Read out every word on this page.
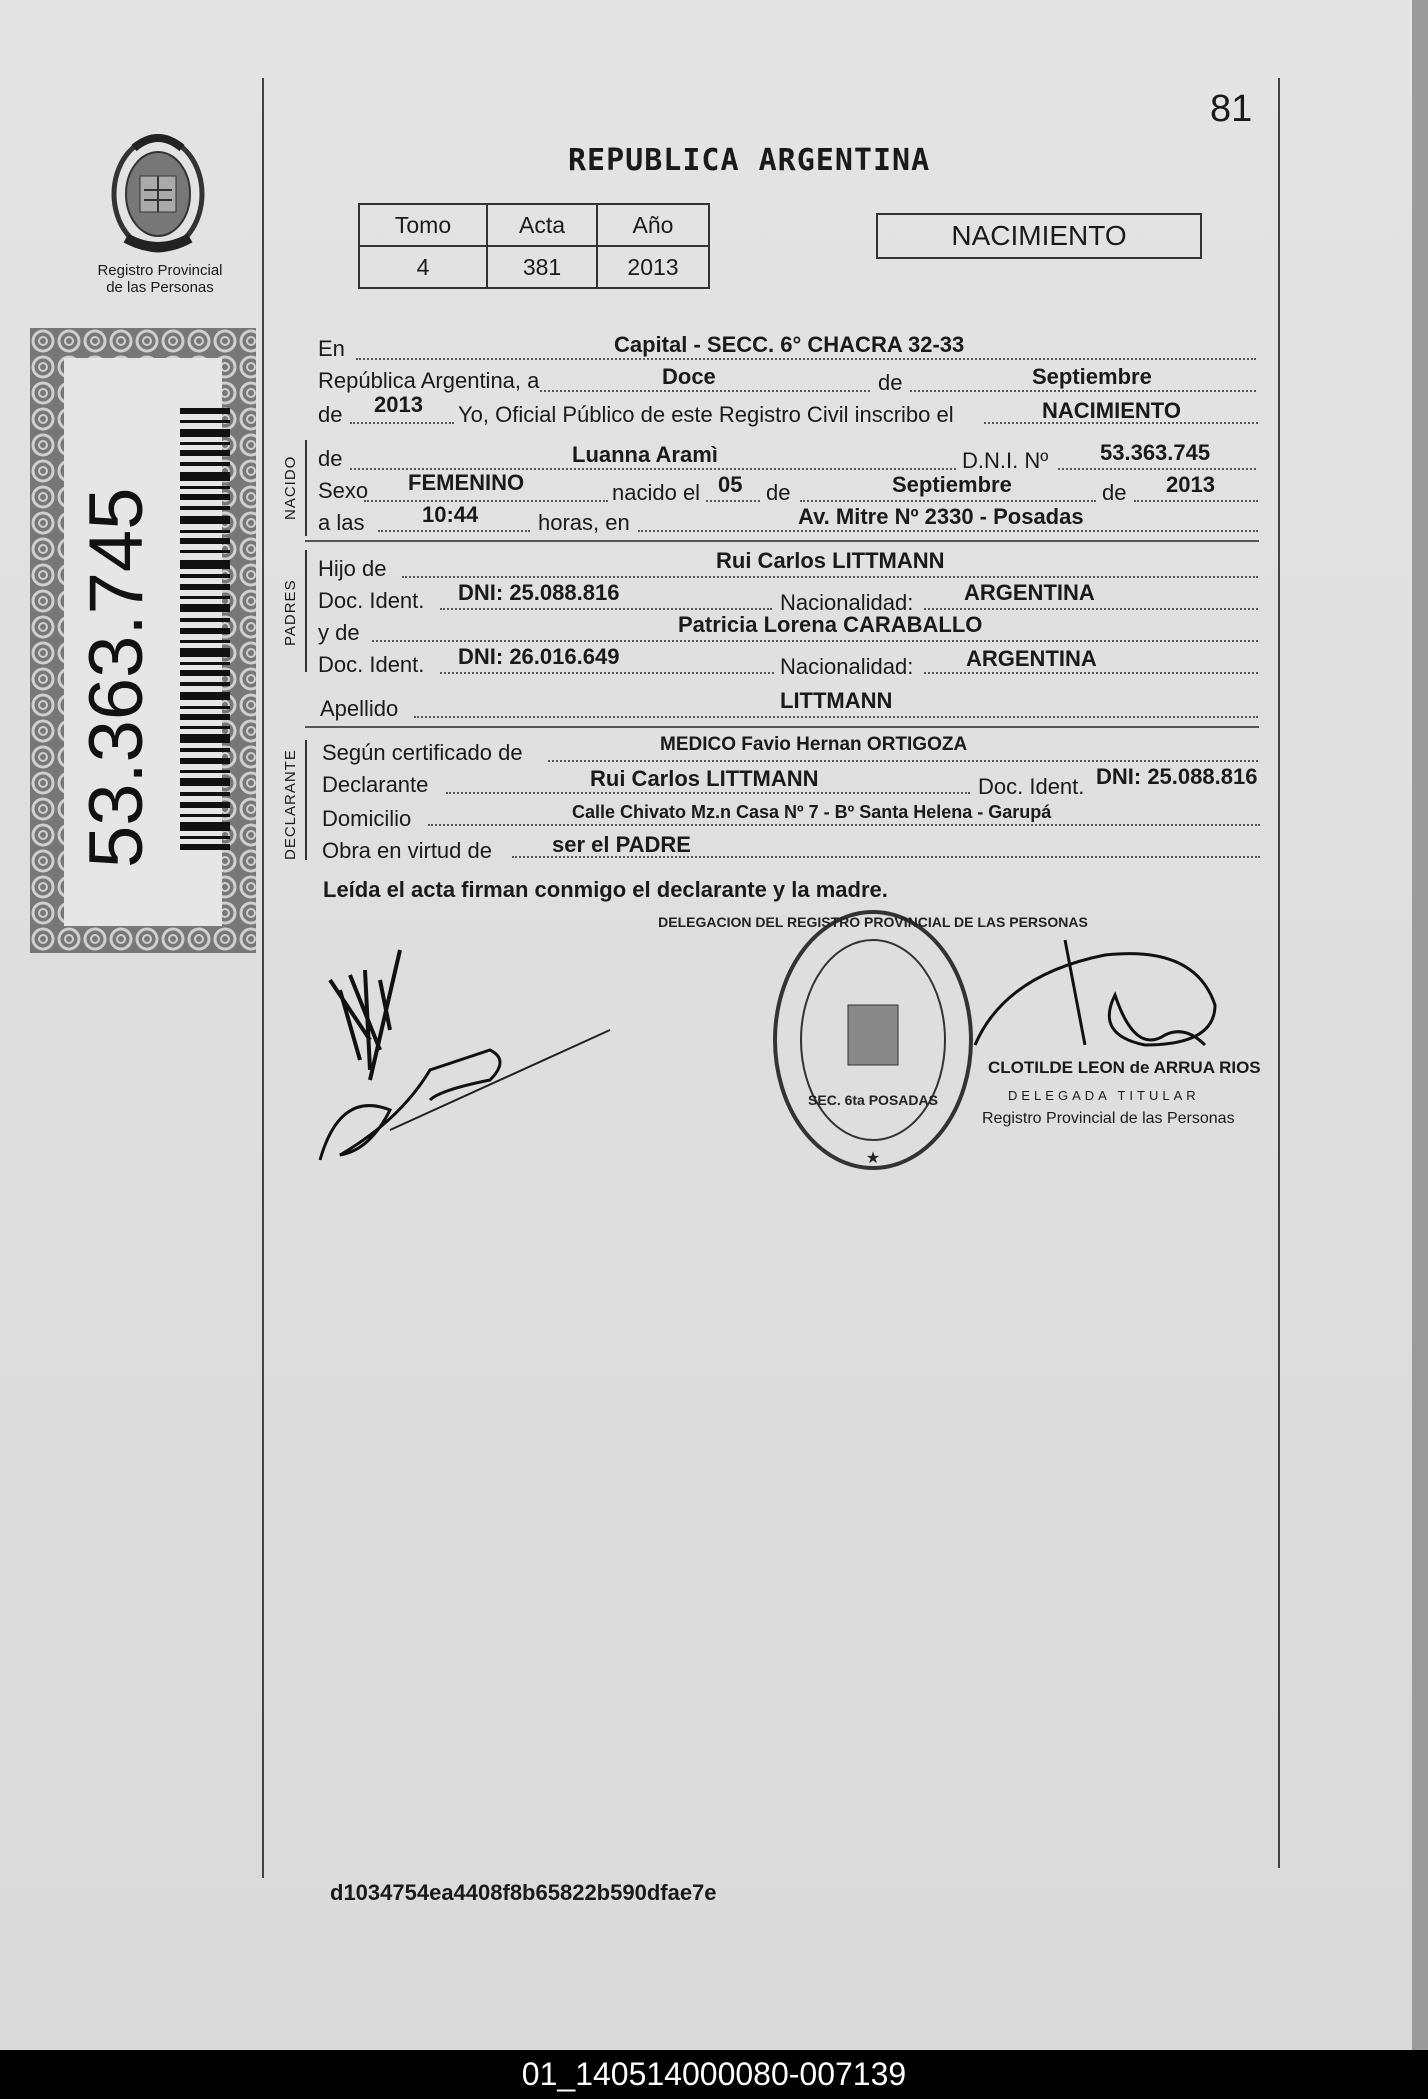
81
REPUBLICA ARGENTINA
Registro Provincial
de las Personas
53.363.745
Tomo	Acta	Año
4	381	2013
NACIMIENTO
En	Capital - SECC. 6° CHACRA 32-33
República Argentina, a	Doce	de	Septiembre
de 2013 Yo, Oficial Público de este Registro Civil inscribo el	NACIMIENTO
NACIDO de	Luanna Aramì	D.N.I. Nº 53.363.745
Sexo FEMENINO	nacido el 05 de	Septiembre	de 2013
a las	10:44	horas, en	Av. Mitre Nº 2330 - Posadas
PADRES
Hijo de	Rui Carlos LITTMANN
Doc. Ident. DNI: 25.088.816	Nacionalidad: ARGENTINA
y de	Patricia Lorena CARABALLO
Doc. Ident. DNI: 26.016.649	Nacionalidad: ARGENTINA
Apellido	LITTMANN
DECLARANTE Según certificado de	MEDICO Favio Hernan ORTIGOZA
Declarante	Rui Carlos LITTMANN	Doc. Ident. DNI: 25.088.816
Domicilio	Calle Chivato Mz.n Casa Nº 7 - Bº Santa Helena - Garupá
Obra en virtud de	ser el PADRE
Leída el acta firman conmigo el declarante y la madre.
DELEGACION DEL REGISTRO PROVINCIAL DE LAS PERSONAS
SEC. 6ta POSADAS
★
CLOTILDE LEON de ARRUA RIOS
DELEGADA TITULAR
Registro Provincial de las Personas
d1034754ea4408f8b65822b590dfae7e
01_140514000080-007139
